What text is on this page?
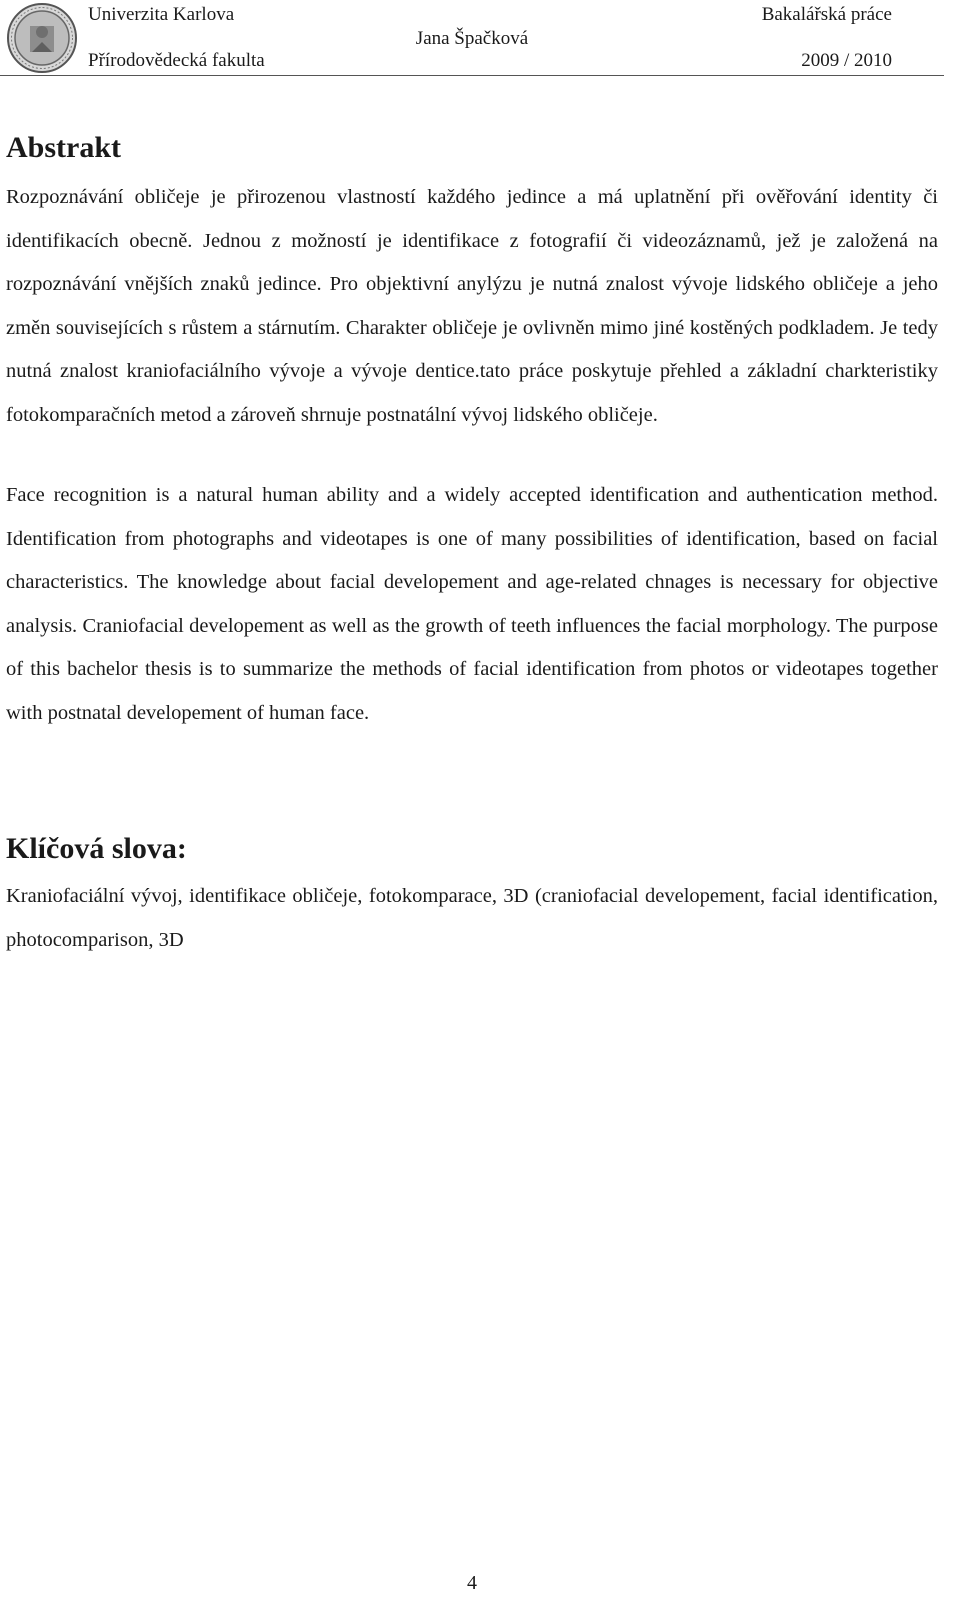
Univerzita Karlova
Přírodovědecká fakulta
Jana Špačková
Bakalářská práce
2009 / 2010
Abstrakt

Rozpoznávání obličeje je přirozenou vlastností každého jedince a má uplatnění při ověřování identity či identifikacích obecně. Jednou z možností je identifikace z fotografií či videozáznamů, jež je založená na rozpoznávání vnějších znaků jedince. Pro objektivní anylýzu je nutná znalost vývoje lidského obličeje a jeho změn souvisejících s růstem a stárnutím. Charakter obličeje je ovlivněn mimo jiné kostěných podkladem. Je tedy nutná znalost kraniofaciálního vývoje a vývoje dentice.tato práce poskytuje přehled a základní charkteristiky fotokomparačních metod a zároveň shrnuje postnatální vývoj lidského obličeje.

Face recognition is a natural human ability and a widely accepted identification and authentication method. Identification from photographs and videotapes is one of many possibilities of identification, based on facial characteristics. The knowledge about facial developement and age-related chnages is necessary for objective analysis. Craniofacial developement as well as the growth of teeth influences the facial morphology. The purpose of this bachelor thesis is to summarize the methods of facial identification from photos or videotapes together with postnatal developement of human face.

Klíčová slova:

Kraniofaciální vývoj, identifikace obličeje, fotokomparace, 3D (craniofacial developement, facial identification, photocomparison, 3D

4
